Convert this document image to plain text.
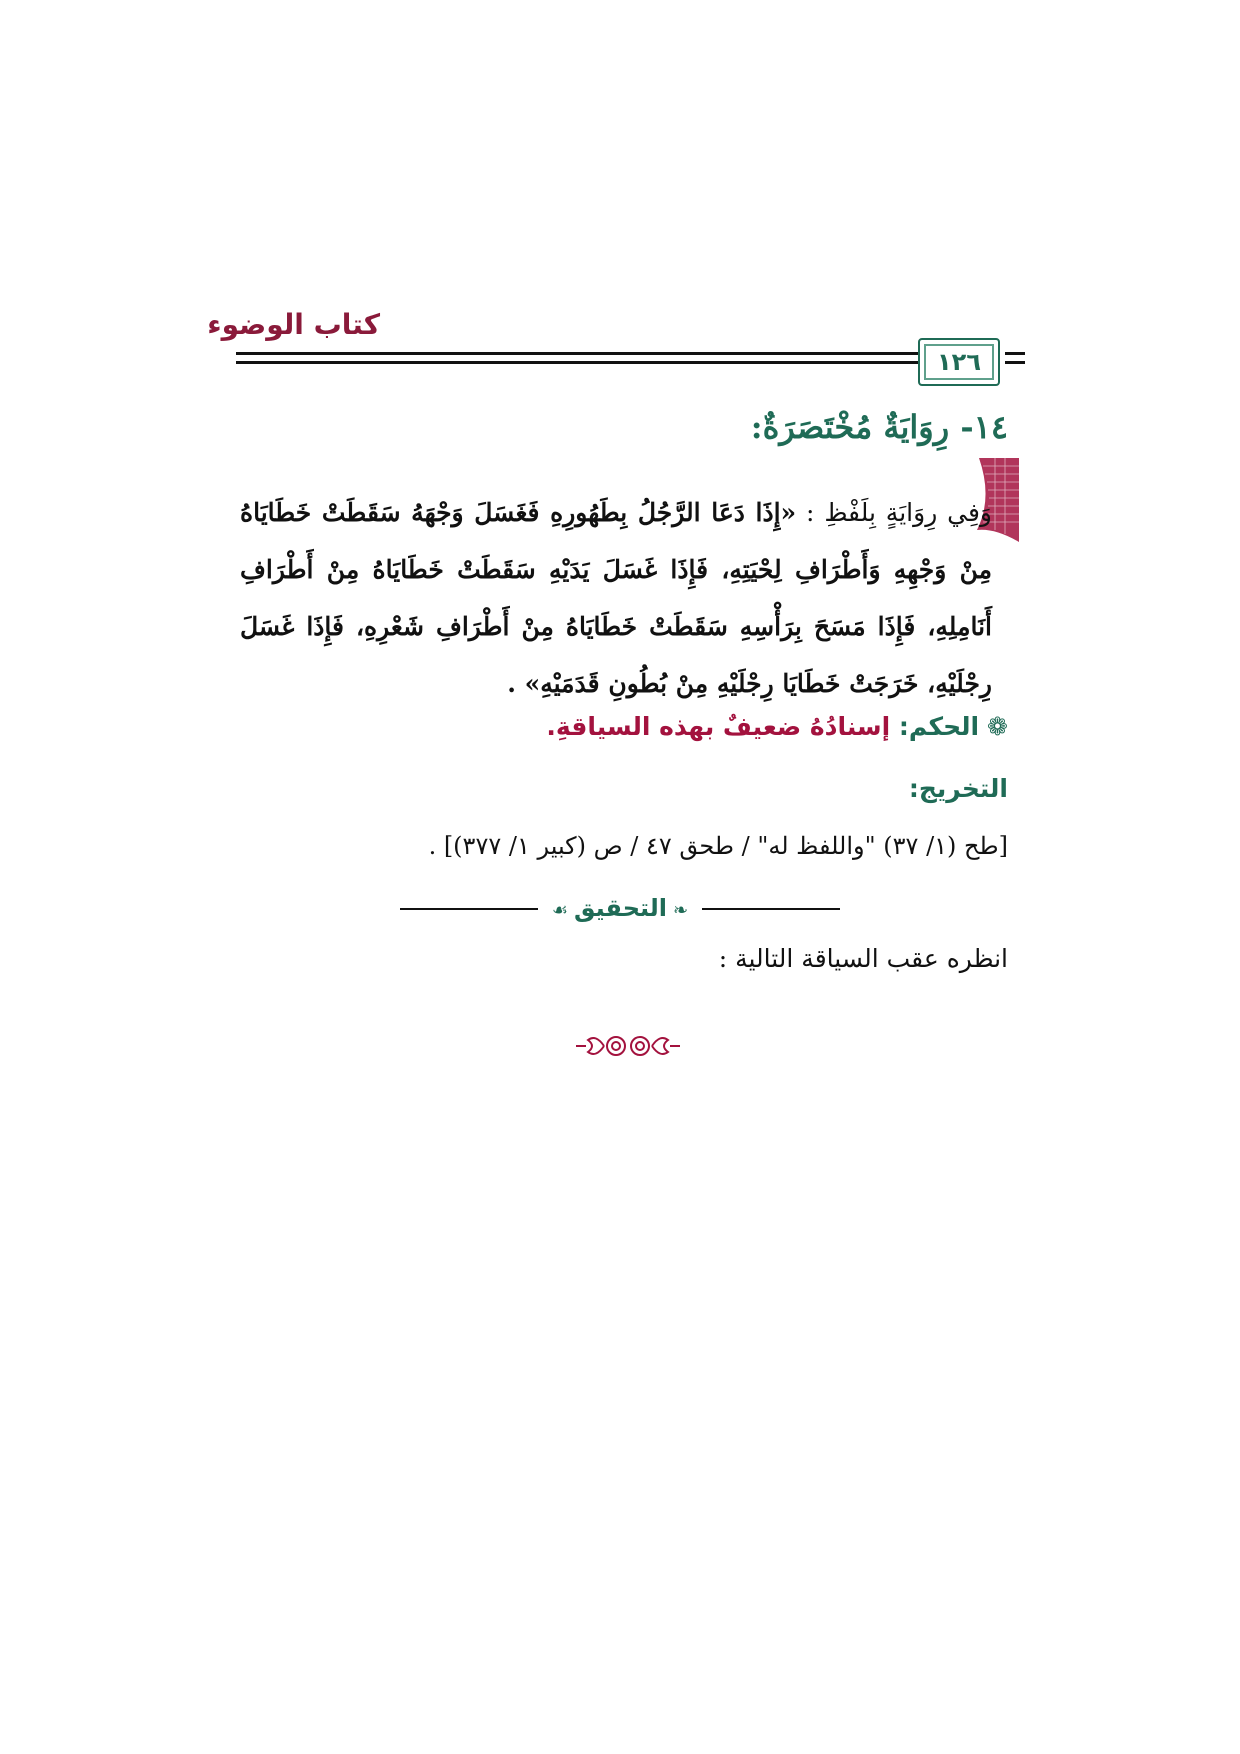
كتاب الوضوء
١٢٦
١٤- رِوَايَةٌ مُخْتَصَرَةٌ:
وَفِي رِوَايَةٍ بِلَفْظِ : «إِذَا دَعَا الرَّجُلُ بِطَهُورِهِ فَغَسَلَ وَجْهَهُ سَقَطَتْ خَطَايَاهُ مِنْ وَجْهِهِ وَأَطْرَافِ لِحْيَتِهِ، فَإِذَا غَسَلَ يَدَيْهِ سَقَطَتْ خَطَايَاهُ مِنْ أَطْرَافِ أَنَامِلِهِ، فَإِذَا مَسَحَ بِرَأْسِهِ سَقَطَتْ خَطَايَاهُ مِنْ أَطْرَافِ شَعْرِهِ، فَإِذَا غَسَلَ رِجْلَيْهِ، خَرَجَتْ خَطَايَا رِجْلَيْهِ مِنْ بُطُونِ قَدَمَيْهِ» .
❁الحكم: إسنادُهُ ضعيفٌ بهذه السياقةِ.
التخريج:
[طح (١/ ٣٧) "واللفظ له" / طحق ٤٧ / ص (كبير ١/ ٣٧٧)] .
❧التحقيق☙
انظره عقب السياقة التالية :
